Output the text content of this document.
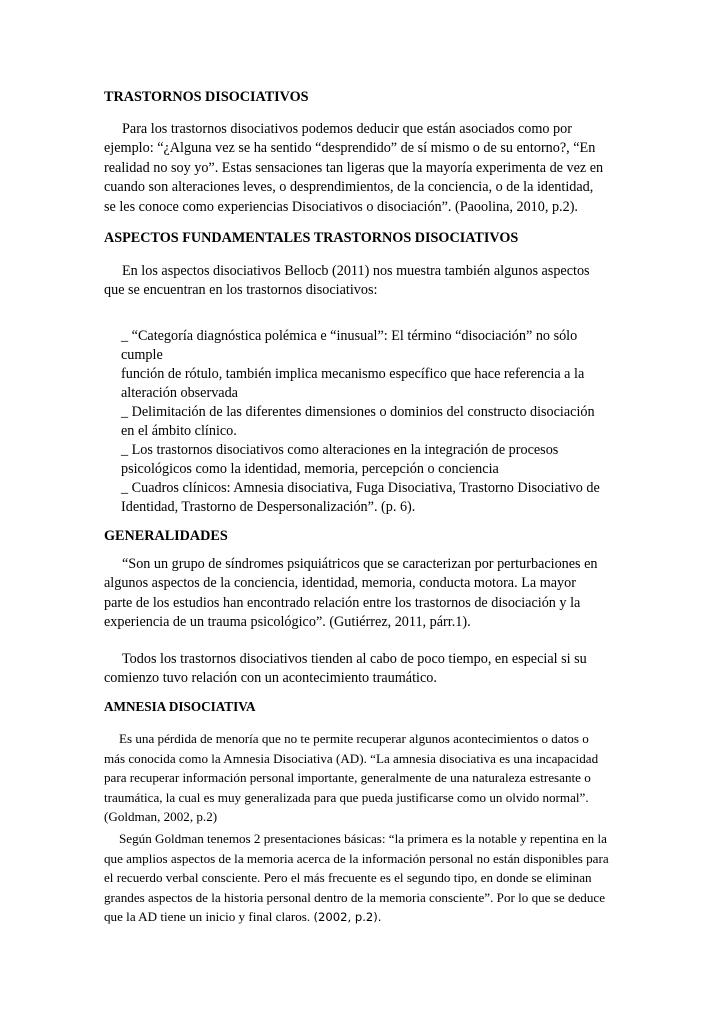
TRASTORNOS DISOCIATIVOS
Para los trastornos disociativos podemos deducir que están asociados como por
ejemplo: “¿Alguna vez se ha sentido “desprendido” de sí mismo o de su entorno?, “En
realidad no soy yo”. Estas sensaciones tan ligeras que la mayoría experimenta de vez en
cuando son alteraciones leves, o desprendimientos, de la conciencia, o de la identidad,
se les conoce como experiencias Disociativos o disociación”. (Paoolina, 2010, p.2).
ASPECTOS FUNDAMENTALES TRASTORNOS DISOCIATIVOS
En los aspectos disociativos Bellocb (2011) nos muestra también algunos aspectos
que se encuentran en los trastornos disociativos:
_ “Categoría diagnóstica polémica e “inusual”: El término “disociación” no sólo
cumple
función de rótulo, también implica mecanismo específico que hace referencia a la
alteración observada
_ Delimitación de las diferentes dimensiones o dominios del constructo disociación
en el ámbito clínico.
_ Los trastornos disociativos como alteraciones en la integración de procesos
psicológicos como la identidad, memoria, percepción o conciencia
_ Cuadros clínicos: Amnesia disociativa, Fuga Disociativa, Trastorno Disociativo de
Identidad, Trastorno de Despersonalización”. (p. 6).
GENERALIDADES
“Son un grupo de síndromes psiquiátricos que se caracterizan por perturbaciones en
algunos aspectos de la conciencia, identidad, memoria, conducta motora. La mayor
parte de los estudios han encontrado relación entre los trastornos de disociación y la
experiencia de un trauma psicológico”. (Gutiérrez, 2011, párr.1).
Todos los trastornos disociativos tienden al cabo de poco tiempo, en especial si su
comienzo tuvo relación con un acontecimiento traumático.
AMNESIA DISOCIATIVA
Es una pérdida de menoría que no te permite recuperar algunos acontecimientos o datos o
más conocida como la Amnesia Disociativa (AD). “La amnesia disociativa es una incapacidad
para recuperar información personal importante, generalmente de una naturaleza estresante o
traumática, la cual es muy generalizada para que pueda justificarse como un olvido normal”.
(Goldman, 2002, p.2)
Según Goldman tenemos 2 presentaciones básicas: “la primera es la notable y repentina en la
que amplios aspectos de la memoria acerca de la información personal no están disponibles para
el recuerdo verbal consciente. Pero el más frecuente es el segundo tipo, en donde se eliminan
grandes aspectos de la historia personal dentro de la memoria consciente”. Por lo que se deduce
que la AD tiene un inicio y final claros. (2002, p.2).
